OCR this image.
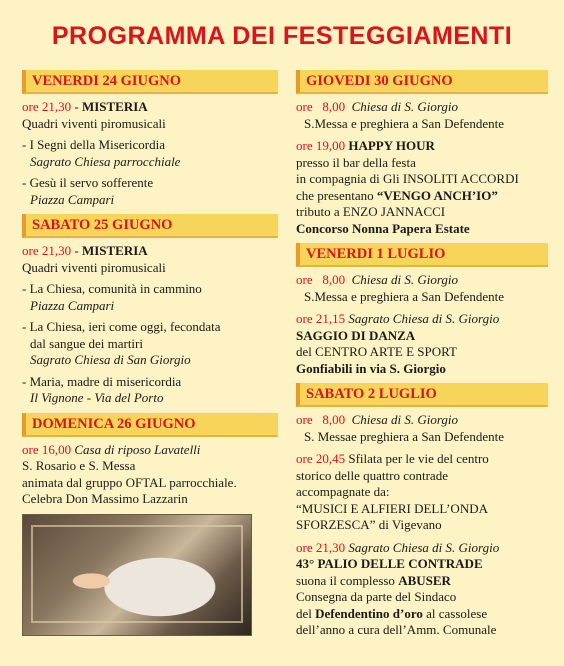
PROGRAMMA DEI FESTEGGIAMENTI
VENERDI 24 GIUGNO
ore 21,30 - MISTERIA
Quadri viventi piromusicali
- I Segni della Misericordia
Sagrato Chiesa parrocchiale
- Gesù il servo sofferente
Piazza Campari
SABATO 25 GIUGNO
ore 21,30 - MISTERIA
Quadri viventi piromusicali
- La Chiesa, comunità in cammino
Piazza Campari
- La Chiesa, ieri come oggi, fecondata
dal sangue dei martiri
Sagrato Chiesa di San Giorgio
- Maria, madre di misericordia
Il Vignone - Via del Porto
DOMENICA 26 GIUGNO
ore 16,00 Casa di riposo Lavatelli
S. Rosario e S. Messa
animata dal gruppo OFTAL parrocchiale.
Celebra Don Massimo Lazzarin
GIOVEDI 30 GIUGNO
ore   8,00 Chiesa di S. Giorgio
S.Messa e preghiera a San Defendente
ore 19,00 HAPPY HOUR
presso il bar della festa
in compagnia di Gli INSOLITI ACCORDI
che presentano “VENGO ANCH’IO”
tributo a ENZO JANNACCI
Concorso Nonna Papera Estate
VENERDI 1 LUGLIO
ore   8,00 Chiesa di S. Giorgio
S.Messa e preghiera a San Defendente
ore 21,15 Sagrato Chiesa di S. Giorgio
SAGGIO DI DANZA
del CENTRO ARTE E SPORT
Gonfiabili in via S. Giorgio
SABATO 2 LUGLIO
ore   8,00 Chiesa di S. Giorgio
S. Messae preghiera a San Defendente
ore 20,45 Sfilata per le vie del centro
storico delle quattro contrade
accompagnate da:
“MUSICI E ALFIERI DELL’ONDA
SFORZESCA” di Vigevano
ore 21,30 Sagrato Chiesa di S. Giorgio
43° PALIO DELLE CONTRADE
suona il complesso ABUSER
Consegna da parte del Sindaco
del Defendentino d’oro al cassolese
dell’anno a cura dell’Amm. Comunale
